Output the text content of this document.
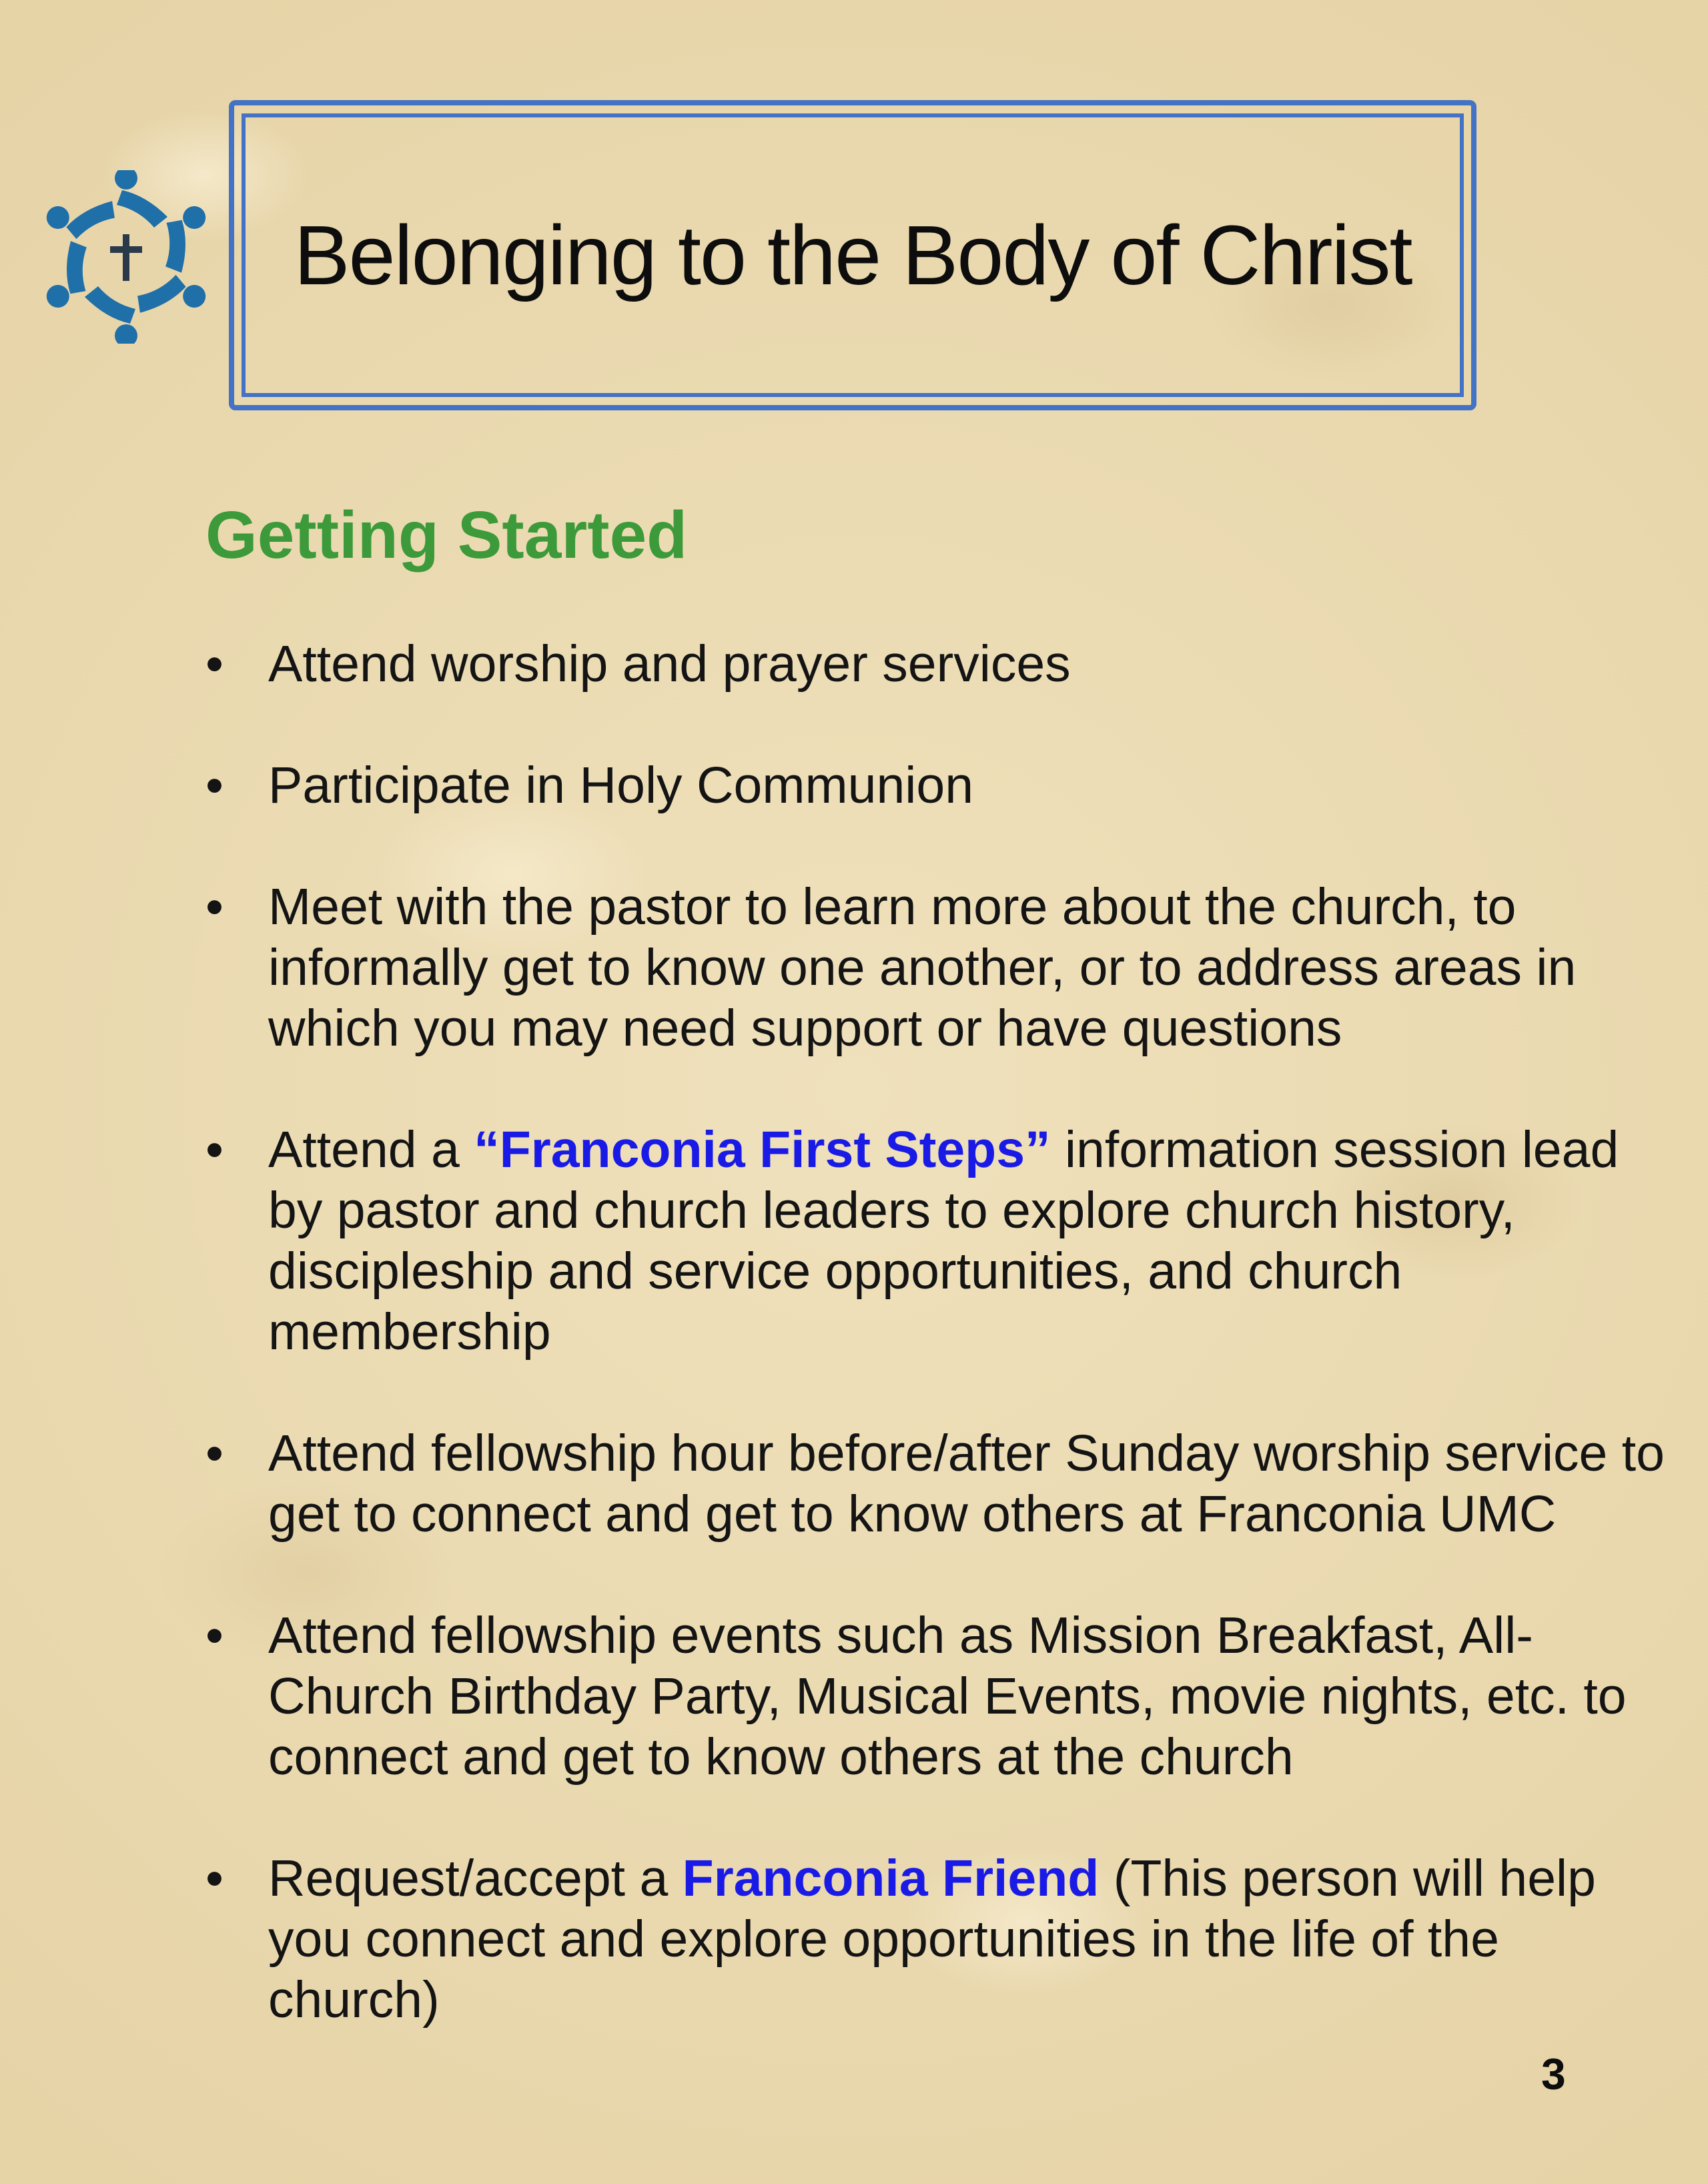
Belonging to the Body of Christ
Getting Started
• Attend worship and prayer services
• Participate in Holy Communion
• Meet with the pastor to learn more about the church, to informally get to know one another, or to address areas in which you may need support or have questions
• Attend a “Franconia First Steps” information session lead by pastor and church leaders to explore church history, discipleship and service opportunities, and church membership
• Attend fellowship hour before/after Sunday worship service to get to connect and get to know others at Franconia UMC
• Attend fellowship events such as Mission Breakfast, All-Church Birthday Party, Musical Events, movie nights, etc. to connect and get to know others at the church
• Request/accept a Franconia Friend (This person will help you connect and explore opportunities in the life of the church)
3
